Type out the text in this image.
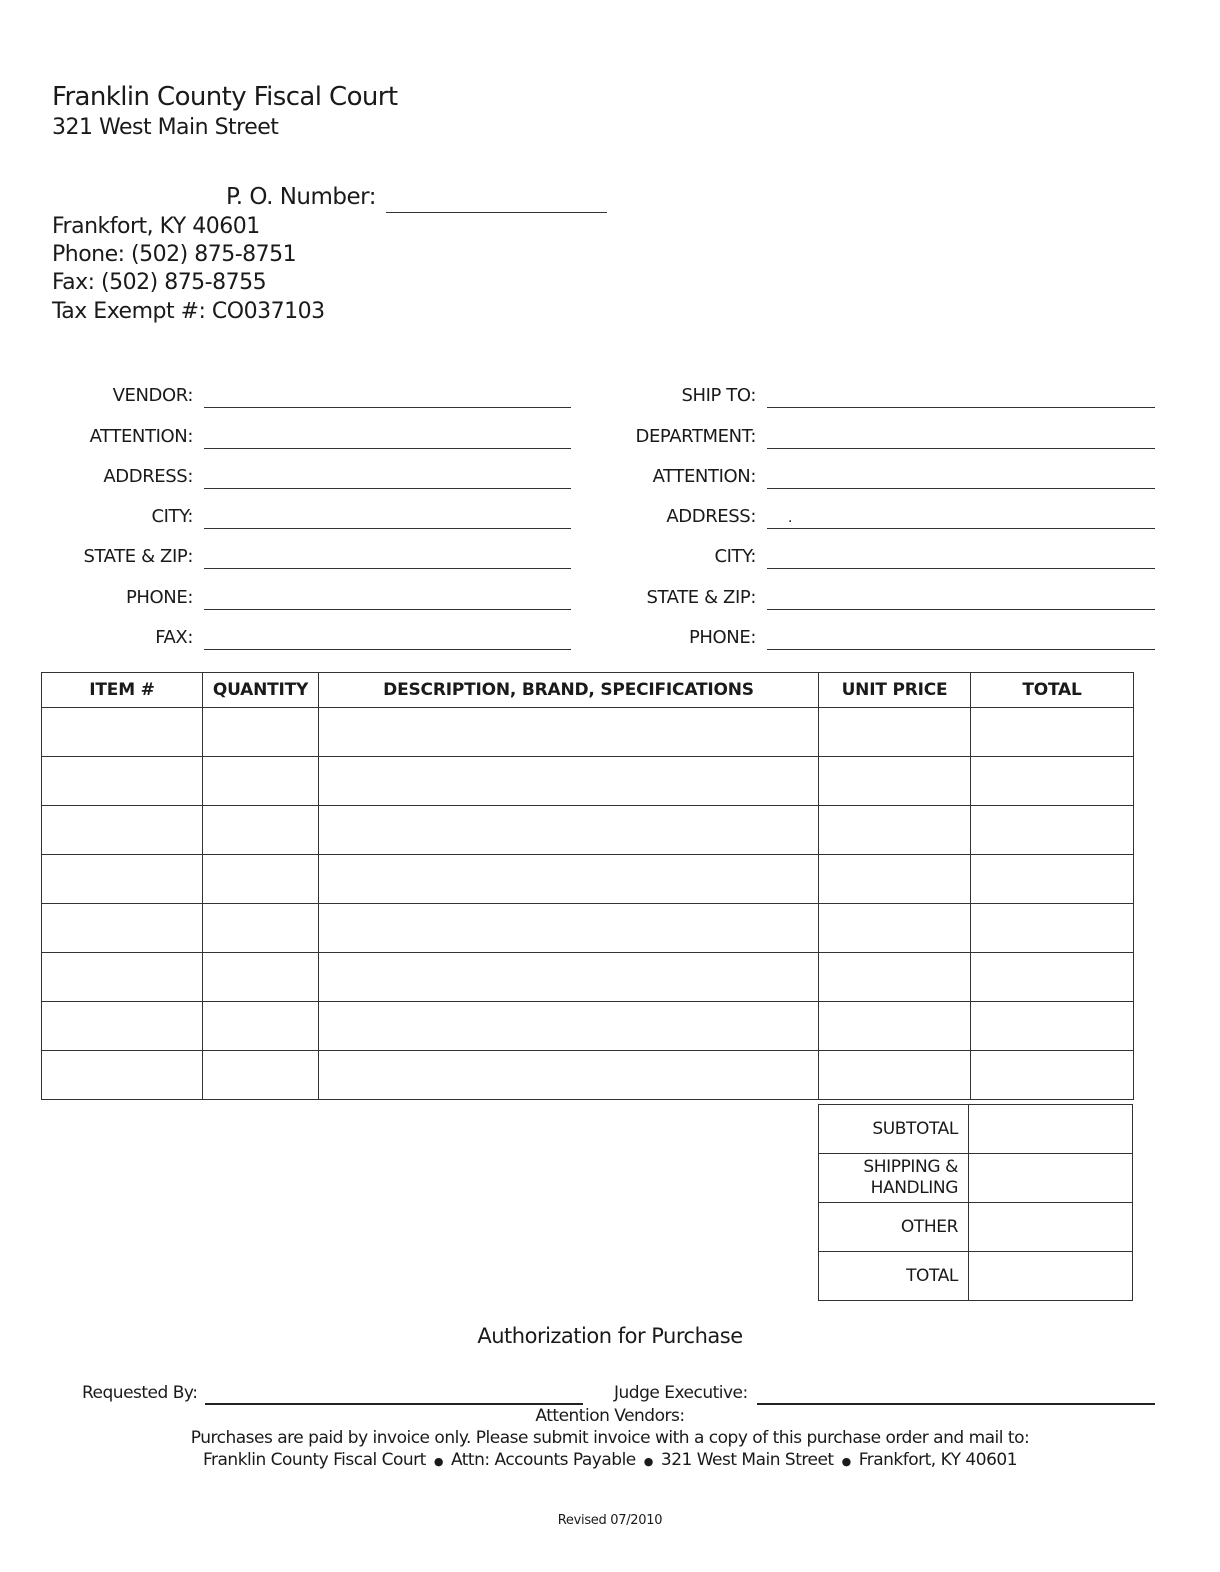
Franklin County Fiscal Court
321 West Main Street
P. O. Number:
Frankfort, KY 40601
Phone: (502) 875-8751
Fax: (502) 875-8755
Tax Exempt #: CO037103
VENDOR:
ATTENTION:
ADDRESS:
CITY:
STATE & ZIP:
PHONE:
FAX:
SHIP TO:
DEPARTMENT:
ATTENTION:
ADDRESS: .
CITY:
STATE & ZIP:
PHONE:
ITEM #	QUANTITY	DESCRIPTION, BRAND, SPECIFICATIONS	UNIT PRICE	TOTAL

SUBTOTAL	
SHIPPING &
HANDLING	
OTHER	
TOTAL	
Authorization for Purchase
Requested By:	Judge Executive:
Attention Vendors:
Purchases are paid by invoice only. Please submit invoice with a copy of this purchase order and mail to:
Franklin County Fiscal Court ● Attn: Accounts Payable ● 321 West Main Street ● Frankfort, KY 40601
Revised 07/2010
